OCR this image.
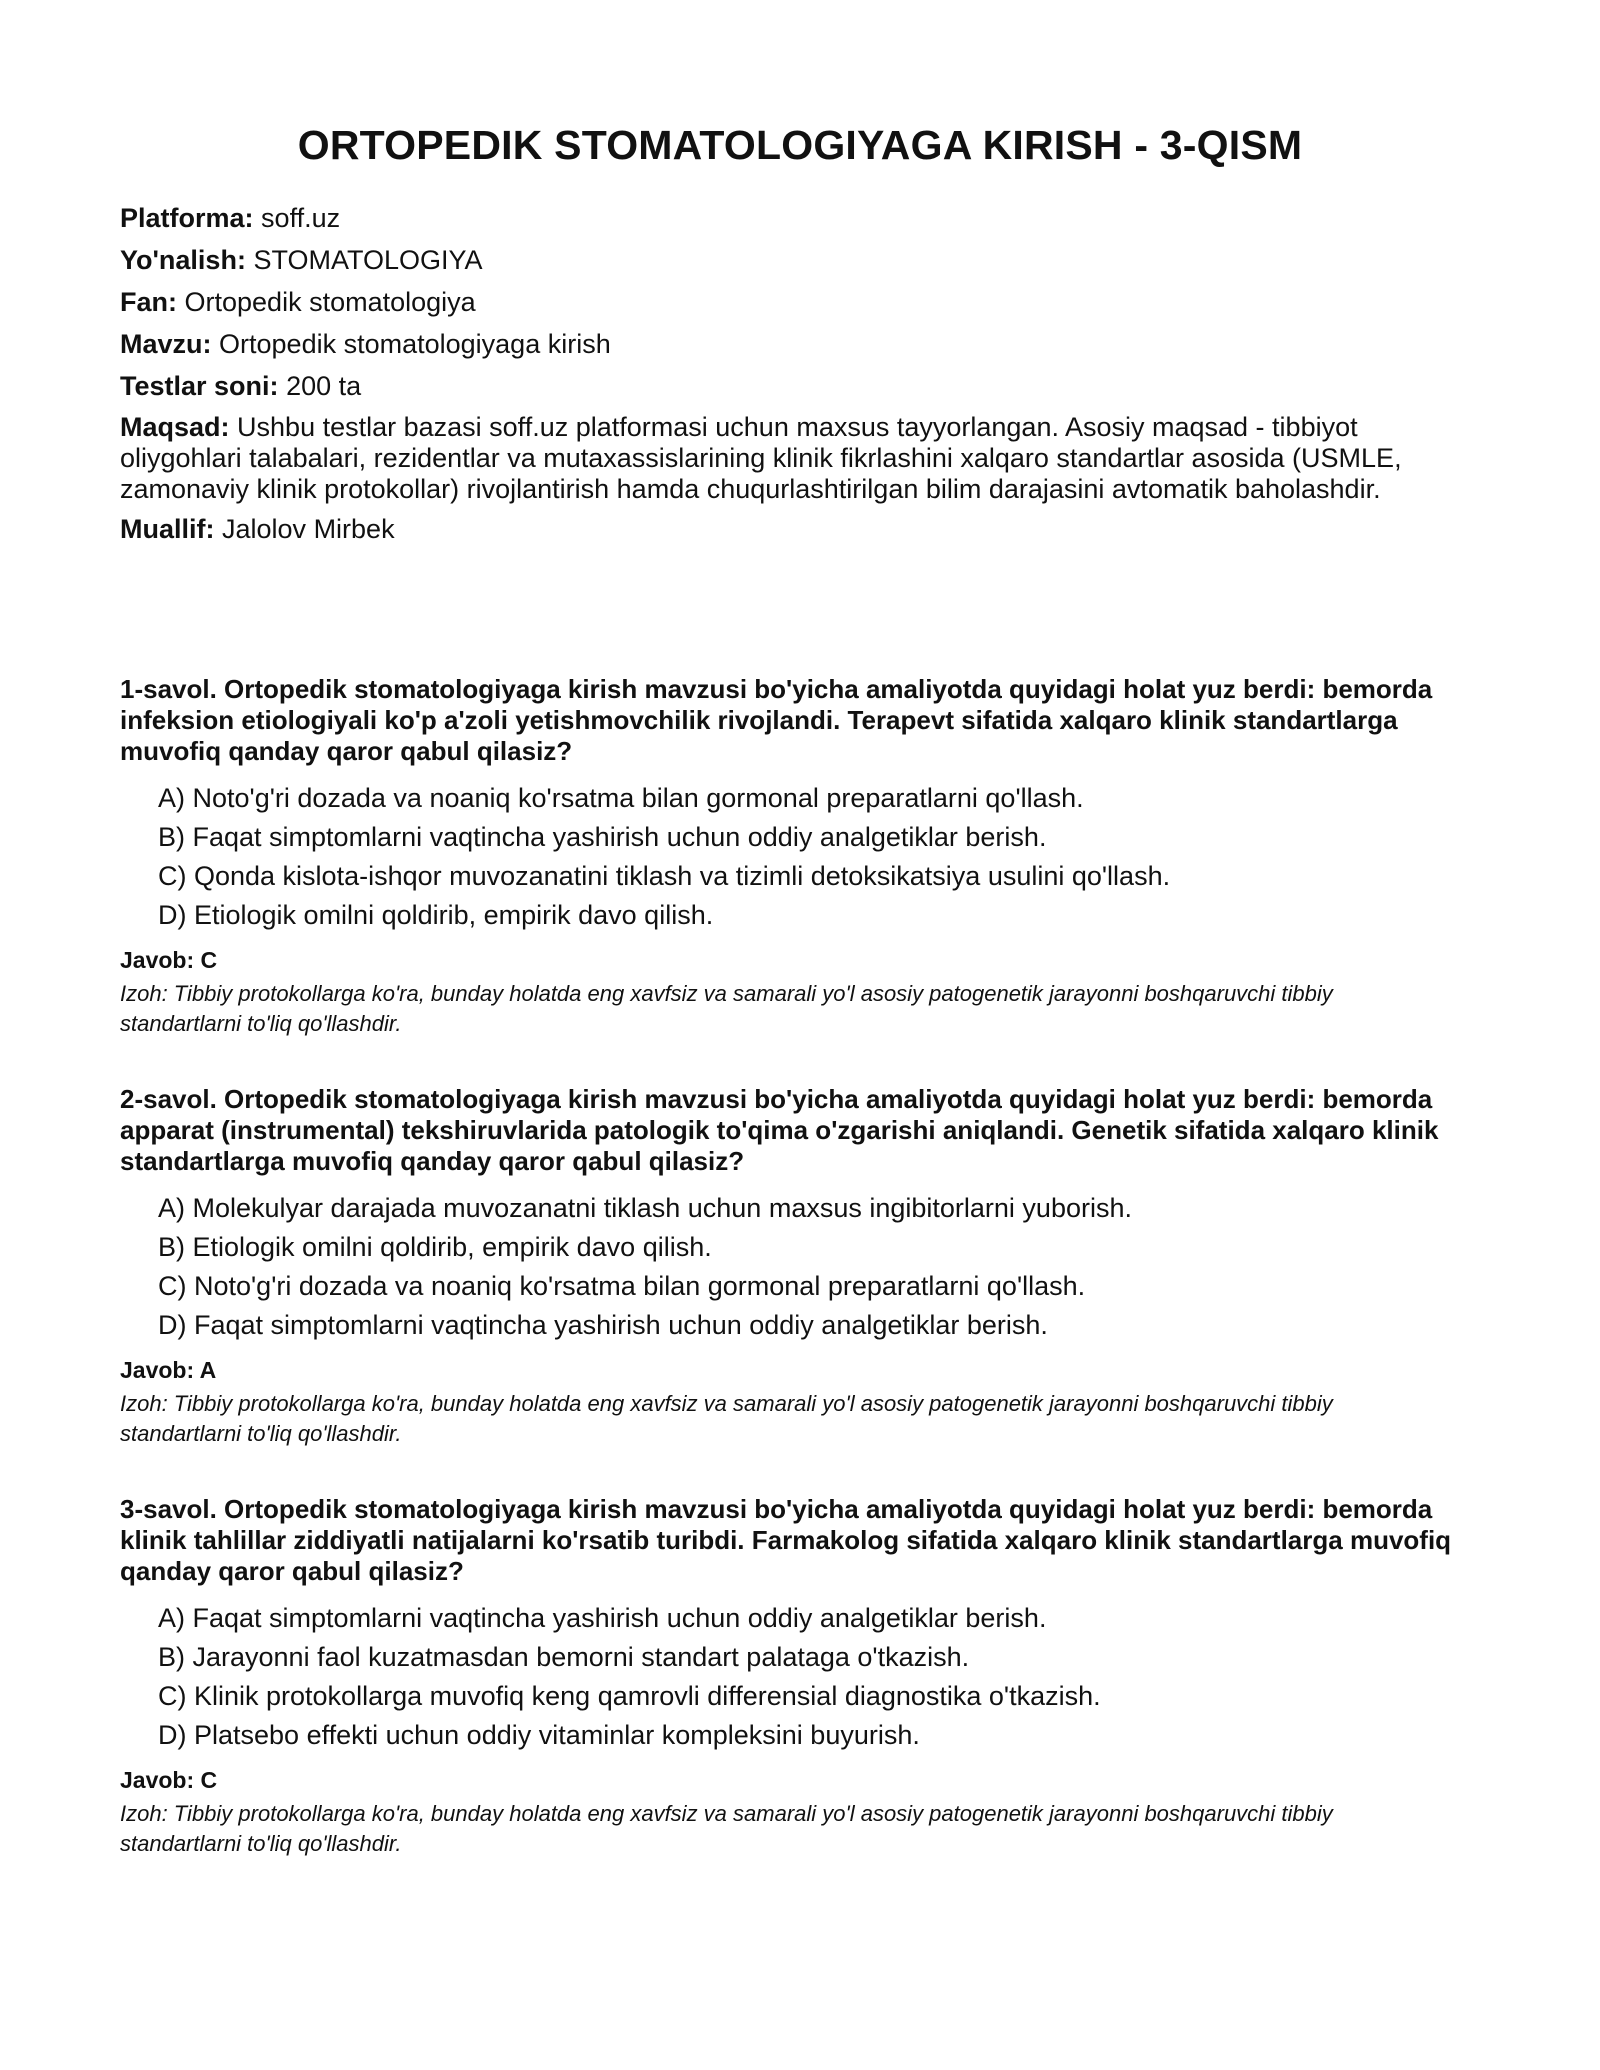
ORTOPEDIK STOMATOLOGIYAGA KIRISH - 3-QISM

Platforma: soff.uz

Yo'nalish: STOMATOLOGIYA

Fan: Ortopedik stomatologiya

Mavzu: Ortopedik stomatologiyaga kirish

Testlar soni: 200 ta

Maqsad: Ushbu testlar bazasi soff.uz platformasi uchun maxsus tayyorlangan. Asosiy maqsad - tibbiyot oliygohlari talabalari, rezidentlar va mutaxassislarining klinik fikrlashini xalqaro standartlar asosida (USMLE, zamonaviy klinik protokollar) rivojlantirish hamda chuqurlashtirilgan bilim darajasini avtomatik baholashdir.

Muallif: Jalolov Mirbek

1-savol. Ortopedik stomatologiyaga kirish mavzusi bo'yicha amaliyotda quyidagi holat yuz berdi: bemorda infeksion etiologiyali ko'p a'zoli yetishmovchilik rivojlandi. Terapevt sifatida xalqaro klinik standartlarga muvofiq qanday qaror qabul qilasiz?

A) Noto'g'ri dozada va noaniq ko'rsatma bilan gormonal preparatlarni qo'llash.
B) Faqat simptomlarni vaqtincha yashirish uchun oddiy analgetiklar berish.
C) Qonda kislota-ishqor muvozanatini tiklash va tizimli detoksikatsiya usulini qo'llash.
D) Etiologik omilni qoldirib, empirik davo qilish.

Javob: C

Izoh: Tibbiy protokollarga ko'ra, bunday holatda eng xavfsiz va samarali yo'l asosiy patogenetik jarayonni boshqaruvchi tibbiy standartlarni to'liq qo'llashdir.

2-savol. Ortopedik stomatologiyaga kirish mavzusi bo'yicha amaliyotda quyidagi holat yuz berdi: bemorda apparat (instrumental) tekshiruvlarida patologik to'qima o'zgarishi aniqlandi. Genetik sifatida xalqaro klinik standartlarga muvofiq qanday qaror qabul qilasiz?

A) Molekulyar darajada muvozanatni tiklash uchun maxsus ingibitorlarni yuborish.
B) Etiologik omilni qoldirib, empirik davo qilish.
C) Noto'g'ri dozada va noaniq ko'rsatma bilan gormonal preparatlarni qo'llash.
D) Faqat simptomlarni vaqtincha yashirish uchun oddiy analgetiklar berish.

Javob: A

Izoh: Tibbiy protokollarga ko'ra, bunday holatda eng xavfsiz va samarali yo'l asosiy patogenetik jarayonni boshqaruvchi tibbiy standartlarni to'liq qo'llashdir.

3-savol. Ortopedik stomatologiyaga kirish mavzusi bo'yicha amaliyotda quyidagi holat yuz berdi: bemorda klinik tahlillar ziddiyatli natijalarni ko'rsatib turibdi. Farmakolog sifatida xalqaro klinik standartlarga muvofiq qanday qaror qabul qilasiz?

A) Faqat simptomlarni vaqtincha yashirish uchun oddiy analgetiklar berish.
B) Jarayonni faol kuzatmasdan bemorni standart palataga o'tkazish.
C) Klinik protokollarga muvofiq keng qamrovli differensial diagnostika o'tkazish.
D) Platsebo effekti uchun oddiy vitaminlar kompleksini buyurish.

Javob: C

Izoh: Tibbiy protokollarga ko'ra, bunday holatda eng xavfsiz va samarali yo'l asosiy patogenetik jarayonni boshqaruvchi tibbiy standartlarni to'liq qo'llashdir.
